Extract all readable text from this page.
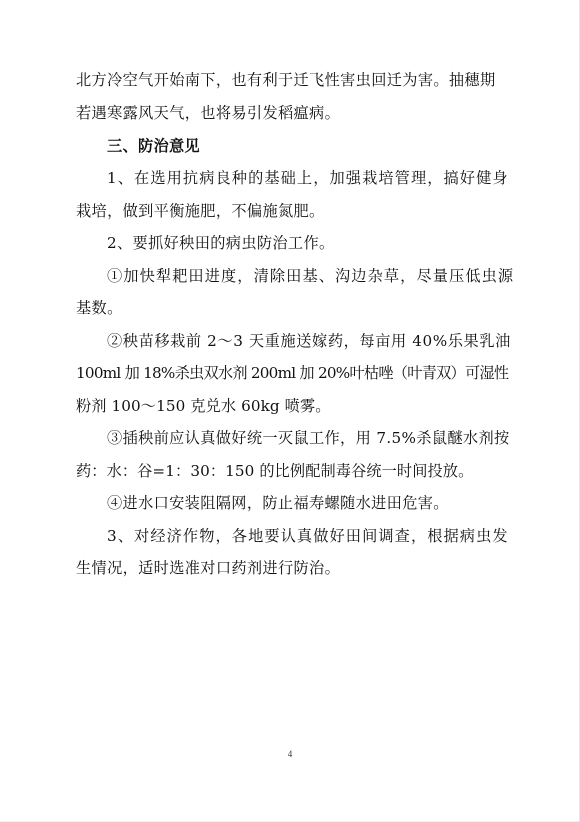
北方冷空气开始南下，也有利于迁飞性害虫回迁为害。抽穗期
若遇寒露风天气，也将易引发稻瘟病。
三、防治意见
1、在选用抗病良种的基础上，加强栽培管理，搞好健身
栽培，做到平衡施肥，不偏施氮肥。
2、要抓好秧田的病虫防治工作。
①加快犁耙田进度，清除田基、沟边杂草，尽量压低虫源
基数。
②秧苗移栽前 2～3 天重施送嫁药，每亩用 40%乐果乳油
100ml 加 18%杀虫双水剂 200ml 加 20%叶枯唑（叶青双）可湿性
粉剂 100～150 克兑水 60kg 喷雾。
③插秧前应认真做好统一灭鼠工作，用 7.5%杀鼠醚水剂按
药：水：谷=1：30：150 的比例配制毒谷统一时间投放。
④进水口安装阻隔网，防止福寿螺随水进田危害。
3、对经济作物，各地要认真做好田间调查，根据病虫发
生情况，适时选准对口药剂进行防治。
4
